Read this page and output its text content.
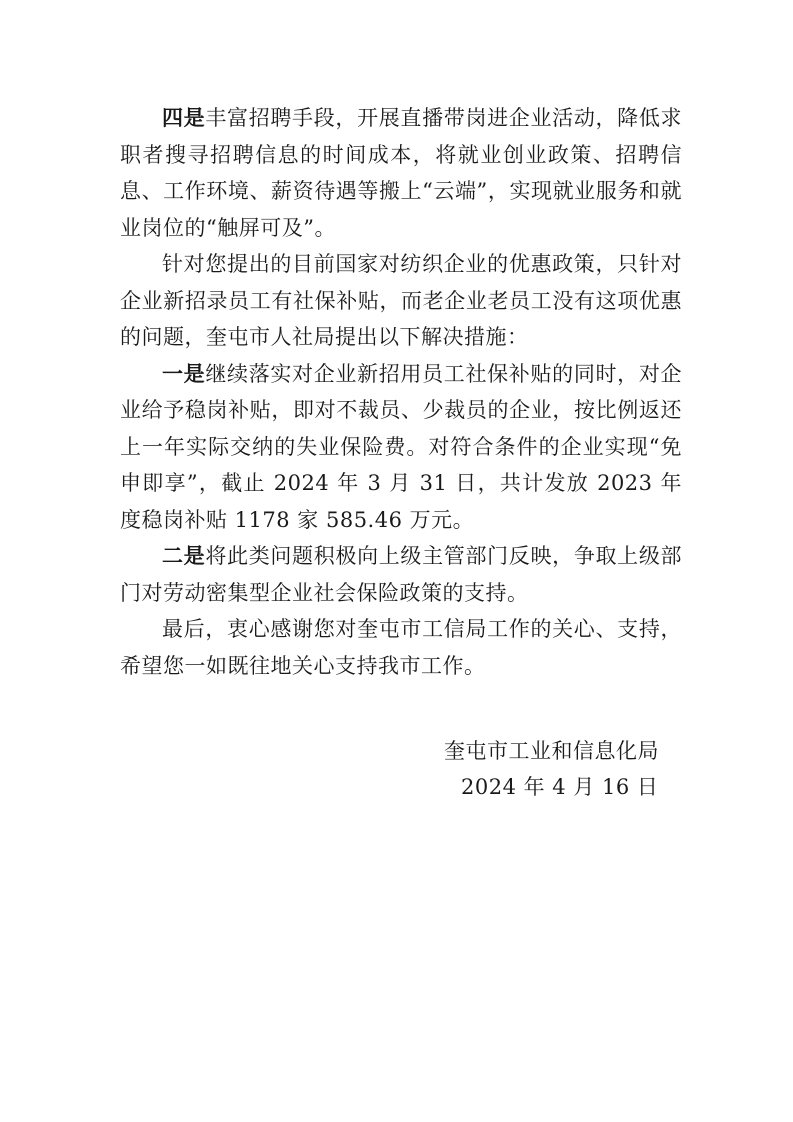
四是丰富招聘手段，开展直播带岗进企业活动，降低求职者搜寻招聘信息的时间成本，将就业创业政策、招聘信息、工作环境、薪资待遇等搬上“云端”，实现就业服务和就业岗位的“触屏可及”。

针对您提出的目前国家对纺织企业的优惠政策，只针对企业新招录员工有社保补贴，而老企业老员工没有这项优惠的问题，奎屯市人社局提出以下解决措施：

一是继续落实对企业新招用员工社保补贴的同时，对企业给予稳岗补贴，即对不裁员、少裁员的企业，按比例返还上一年实际交纳的失业保险费。对符合条件的企业实现“免申即享”，截止 2024 年 3 月 31 日，共计发放 2023 年度稳岗补贴 1178 家 585.46 万元。

二是将此类问题积极向上级主管部门反映，争取上级部门对劳动密集型企业社会保险政策的支持。

最后，衷心感谢您对奎屯市工信局工作的关心、支持，希望您一如既往地关心支持我市工作。

奎屯市工业和信息化局
2024 年 4 月 16 日
